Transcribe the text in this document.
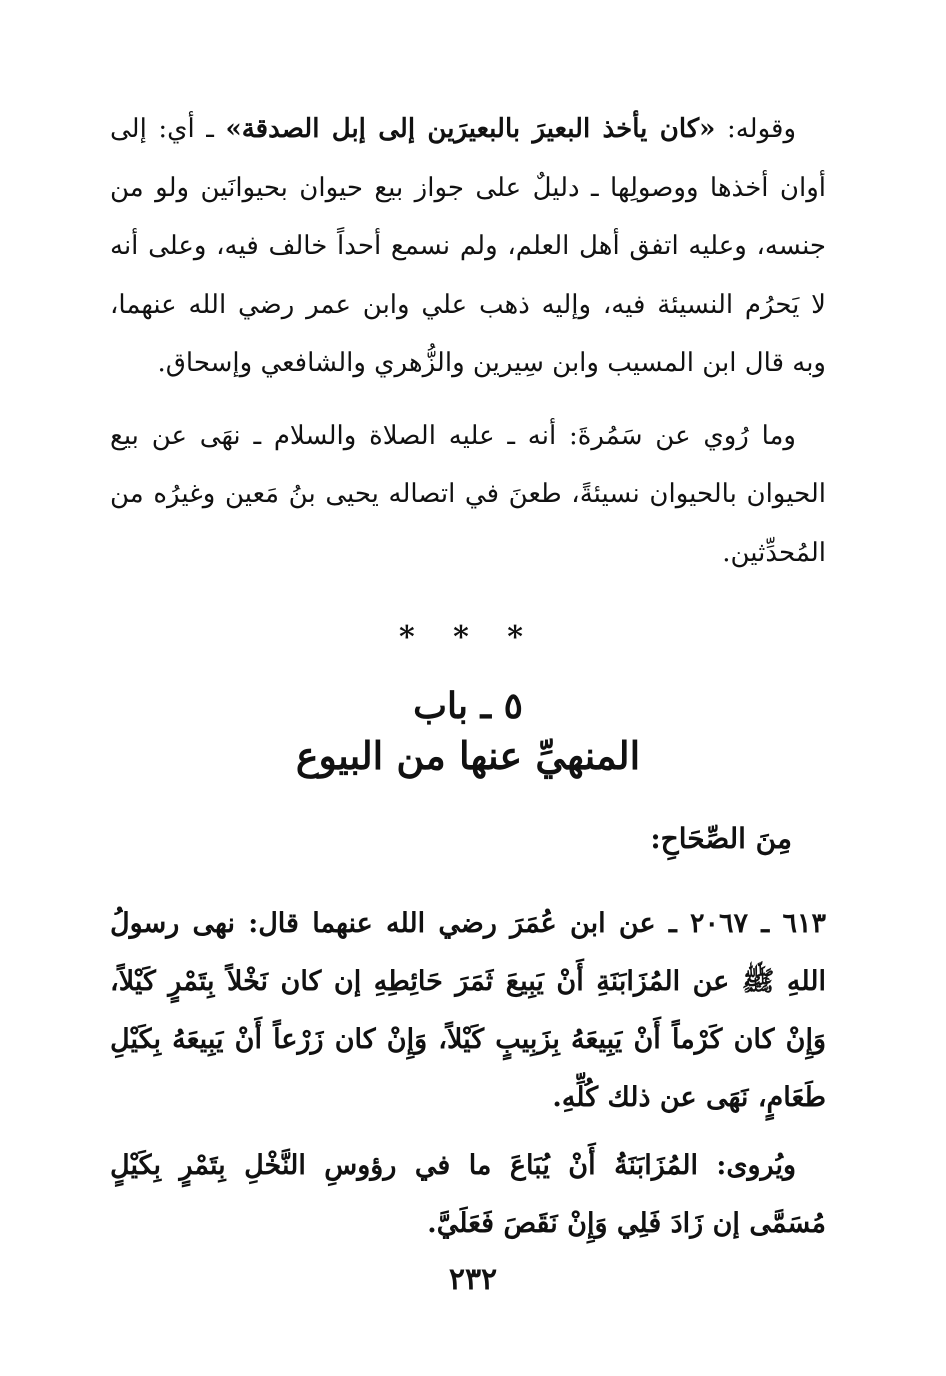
وقوله: «كان يأخذ البعيرَ بالبعيرَين إلى إبل الصدقة» ـ أي: إلى أوان أخذها ووصولِها ـ دليلٌ على جواز بيع حيوان بحيوانَين ولو من جنسه، وعليه اتفق أهل العلم، ولم نسمع أحداً خالف فيه، وعلى أنه لا يَحرُم النسيئة فيه، وإليه ذهب علي وابن عمر رضي الله عنهما، وبه قال ابن المسيب وابن سِيرين والزُّهري والشافعي وإسحاق.

وما رُوي عن سَمُرةَ: أنه ـ عليه الصلاة والسلام ـ نهَى عن بيع الحيوان بالحيوان نسيئةً، طعنَ في اتصاله يحيى بنُ مَعين وغيرُه من المُحدِّثين.

* * *
٥ ـ باب
المنهيِّ عنها من البيوع
مِنَ الصِّحَاحِ:

٦١٣ ـ ٢٠٦٧ ـ عن ابن عُمَرَ رضي الله عنهما قال: نهى رسولُ اللهِ ﷺ عن المُزَابَنَةِ أَنْ يَبِيعَ ثَمَرَ حَائِطِهِ إن كان نَخْلاً بِتَمْرٍ كَيْلاً، وَإِنْ كان كَرْماً أَنْ يَبِيعَهُ بِزَبِيبٍ كَيْلاً، وَإِنْ كان زَرْعاً أَنْ يَبِيعَهُ بِكَيْلِ طَعَامٍ، نَهَى عن ذلك كُلِّهِ.

ويُروى: المُزَابَنَةُ أَنْ يُبَاعَ ما في رؤوسِ النَّخْلِ بِتَمْرٍ بِكَيْلٍ مُسَمَّى إن زَادَ فَلِي وَإِنْ نَقَصَ فَعَلَيَّ.

٢٣٢
